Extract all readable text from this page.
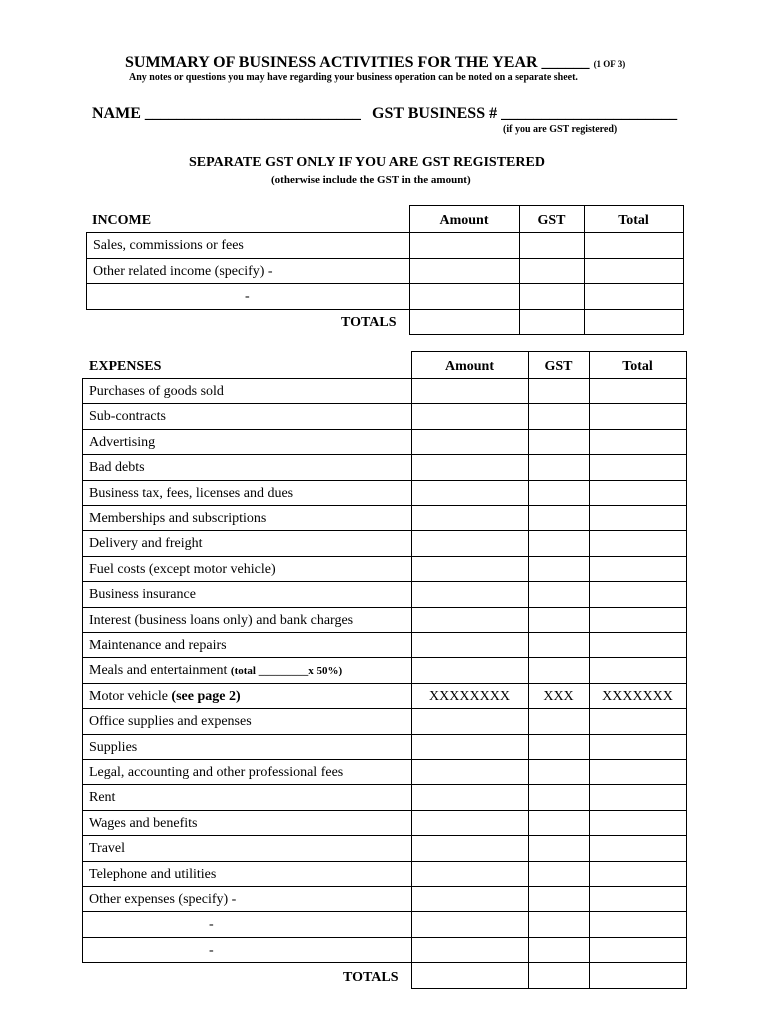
SUMMARY OF BUSINESS ACTIVITIES FOR THE YEAR ______ (1 OF 3)
Any notes or questions you may have regarding your business operation can be noted on a separate sheet.
NAME ___________________________ GST BUSINESS # ______________________
(if you are GST registered)
SEPARATE GST ONLY IF YOU ARE GST REGISTERED
(otherwise include the GST in the amount)
INCOME	Amount	GST	Total
Sales, commissions or fees
Other related income (specify) -
-
TOTALS
EXPENSES	Amount	GST	Total
Purchases of goods sold
Sub-contracts
Advertising
Bad debts
Business tax, fees, licenses and dues
Memberships and subscriptions
Delivery and freight
Fuel costs (except motor vehicle)
Business insurance
Interest (business loans only) and bank charges
Maintenance and repairs
Meals and entertainment (total _________x 50%)
Motor vehicle (see page 2)	XXXXXXXX	XXX	XXXXXXX
Office supplies and expenses
Supplies
Legal, accounting and other professional fees
Rent
Wages and benefits
Travel
Telephone and utilities
Other expenses (specify) -
-
-
TOTALS
